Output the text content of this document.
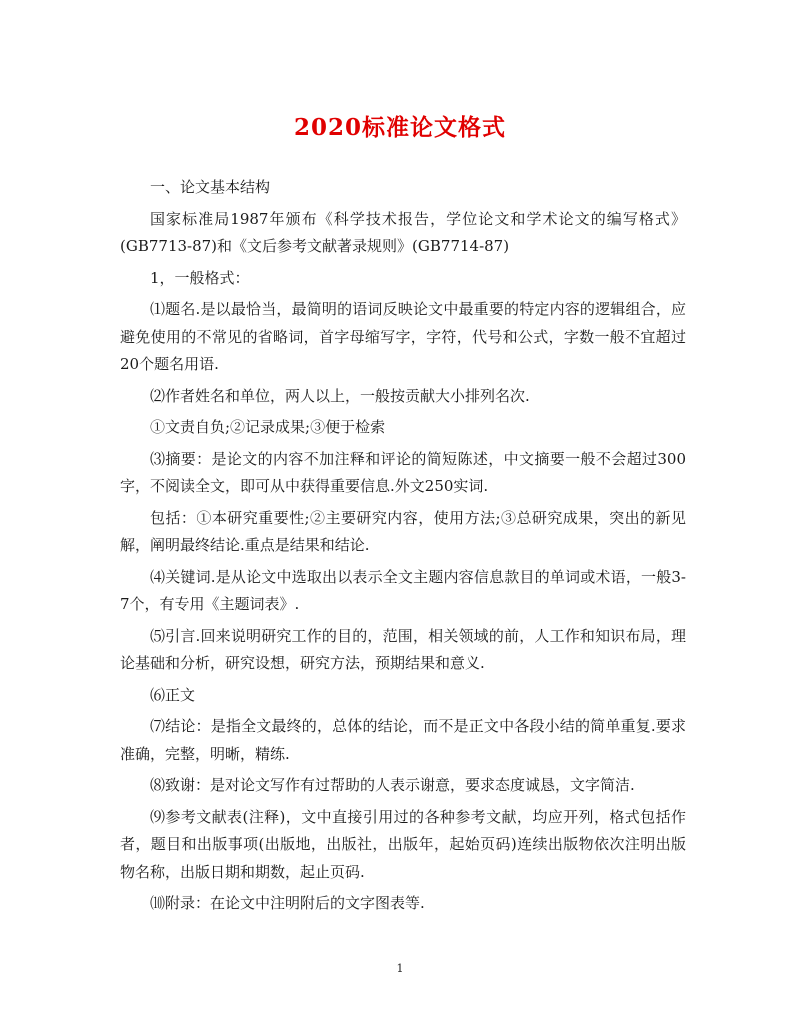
2020标准论文格式

一、论文基本结构

国家标准局1987年颁布《科学技术报告，学位论文和学术论文的编写格式》(GB7713-87)和《文后参考文献著录规则》(GB7714-87)

1，一般格式：

⑴题名.是以最恰当，最简明的语词反映论文中最重要的特定内容的逻辑组合，应避免使用的不常见的省略词，首字母缩写字，字符，代号和公式，字数一般不宜超过20个题名用语.

⑵作者姓名和单位，两人以上，一般按贡献大小排列名次.

①文责自负;②记录成果;③便于检索

⑶摘要：是论文的内容不加注释和评论的简短陈述，中文摘要一般不会超过300字，不阅读全文，即可从中获得重要信息.外文250实词.

包括：①本研究重要性;②主要研究内容，使用方法;③总研究成果，突出的新见解，阐明最终结论.重点是结果和结论.

⑷关键词.是从论文中选取出以表示全文主题内容信息款目的单词或术语，一般3-7个，有专用《主题词表》.

⑸引言.回来说明研究工作的目的，范围，相关领域的前，人工作和知识布局，理论基础和分析，研究设想，研究方法，预期结果和意义.

⑹正文

⑺结论：是指全文最终的，总体的结论，而不是正文中各段小结的简单重复.要求准确，完整，明晰，精练.

⑻致谢：是对论文写作有过帮助的人表示谢意，要求态度诚恳，文字简洁.

⑼参考文献表(注释)，文中直接引用过的各种参考文献，均应开列，格式包括作者，题目和出版事项(出版地，出版社，出版年，起始页码)连续出版物依次注明出版物名称，出版日期和期数，起止页码.

⑽附录：在论文中注明附后的文字图表等.

1
